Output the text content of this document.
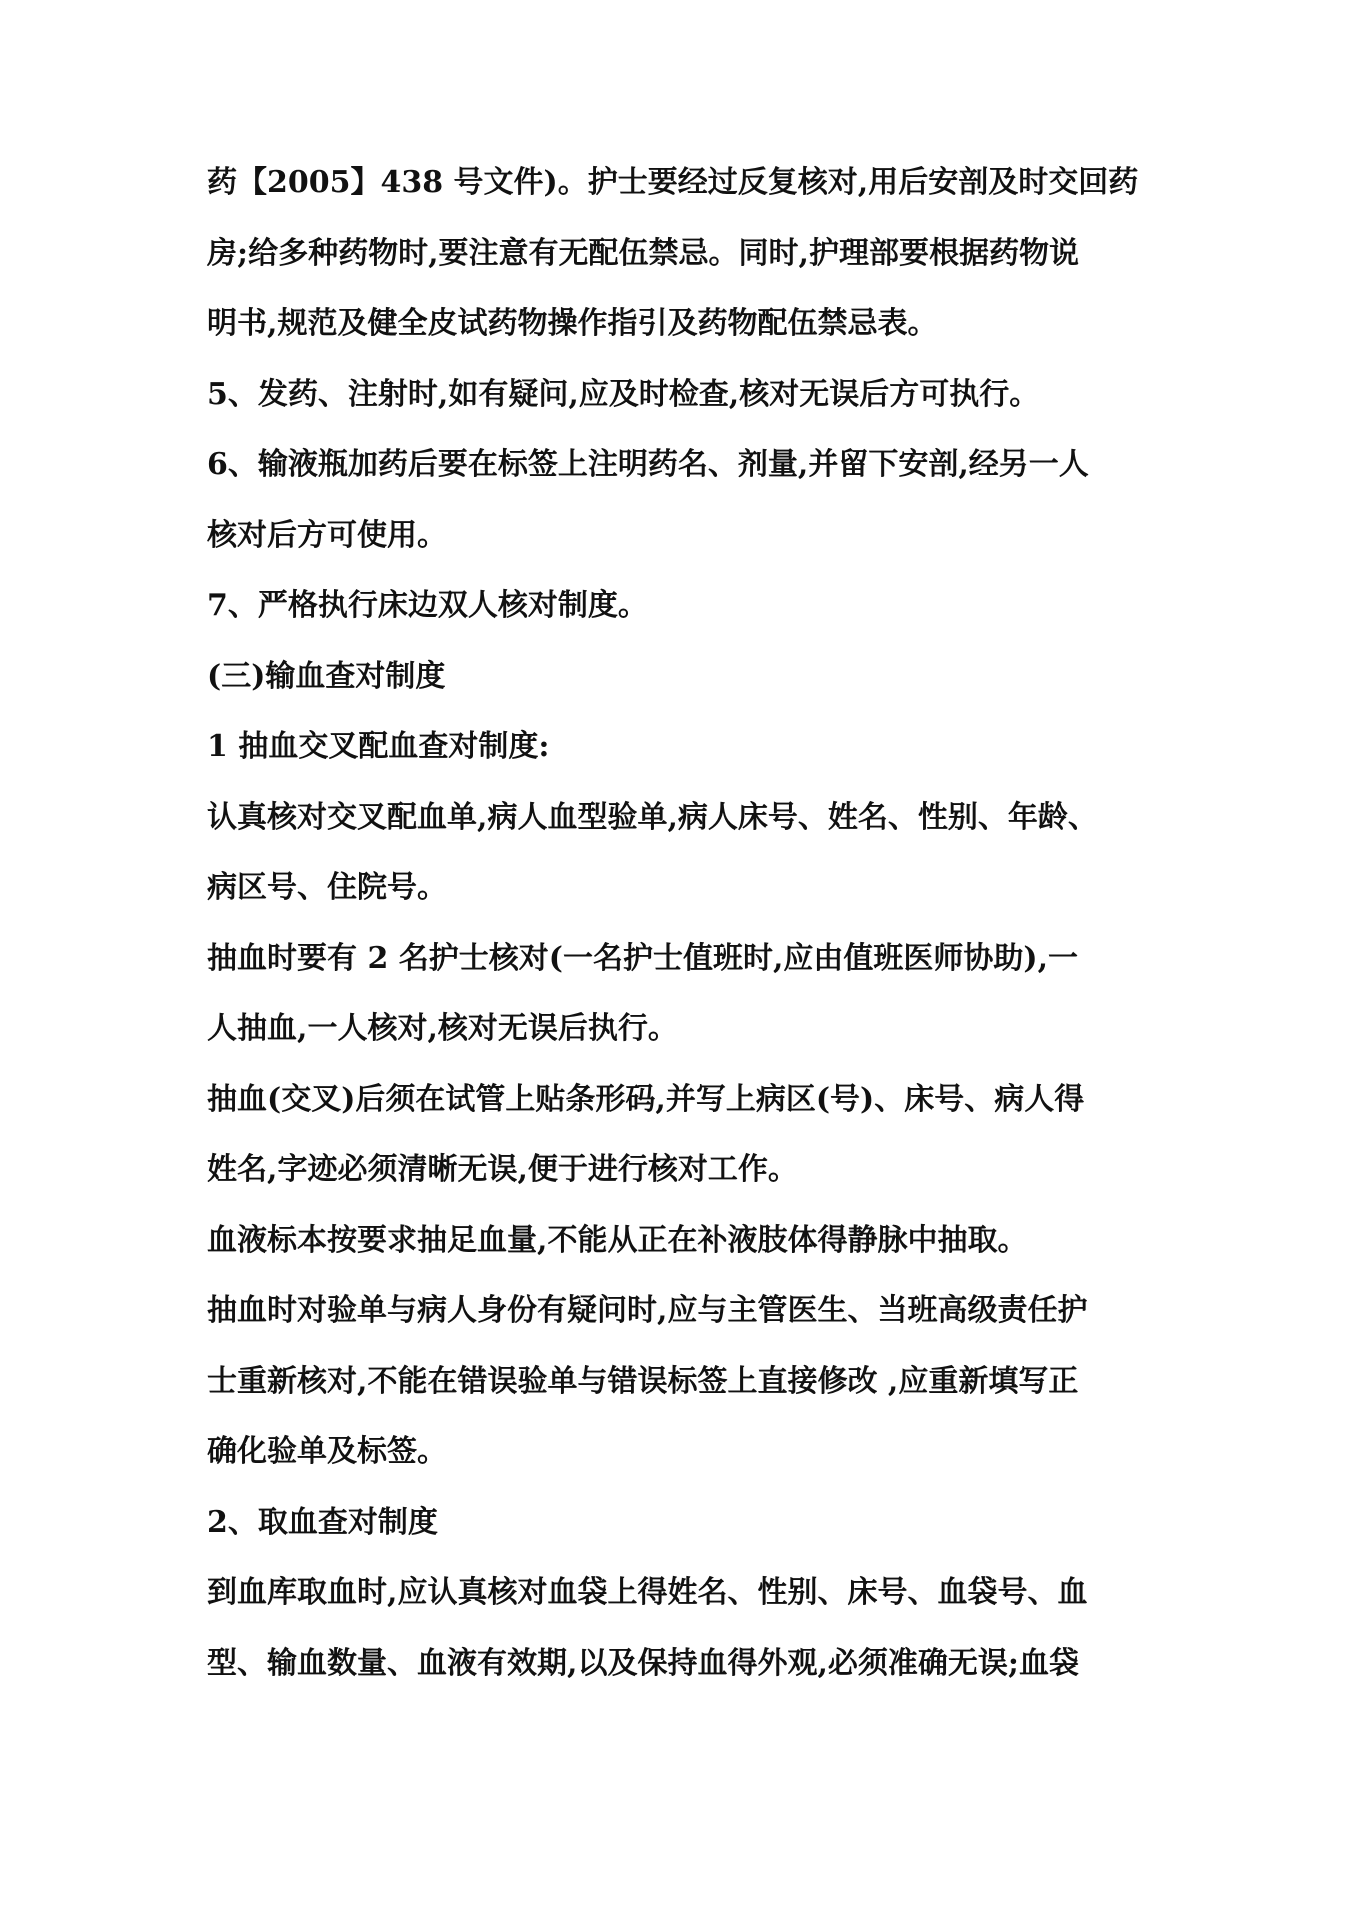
药【2005】438 号文件)。护士要经过反复核对,用后安剖及时交回药
房;给多种药物时,要注意有无配伍禁忌。同时,护理部要根据药物说
明书,规范及健全皮试药物操作指引及药物配伍禁忌表。
5、发药、注射时,如有疑问,应及时检查,核对无误后方可执行。
6、输液瓶加药后要在标签上注明药名、剂量,并留下安剖,经另一人
核对后方可使用。
7、严格执行床边双人核对制度。
(三)输血查对制度
1 抽血交叉配血查对制度:
认真核对交叉配血单,病人血型验单,病人床号、姓名、性别、年龄、
病区号、住院号。
抽血时要有 2 名护士核对(一名护士值班时,应由值班医师协助),一
人抽血,一人核对,核对无误后执行。
抽血(交叉)后须在试管上贴条形码,并写上病区(号)、床号、病人得
姓名,字迹必须清晰无误,便于进行核对工作。
血液标本按要求抽足血量,不能从正在补液肢体得静脉中抽取。
抽血时对验单与病人身份有疑问时,应与主管医生、当班高级责任护
士重新核对,不能在错误验单与错误标签上直接修改 ,应重新填写正
确化验单及标签。
2、取血查对制度
到血库取血时,应认真核对血袋上得姓名、性别、床号、血袋号、血
型、输血数量、血液有效期,以及保持血得外观,必须准确无误;血袋
